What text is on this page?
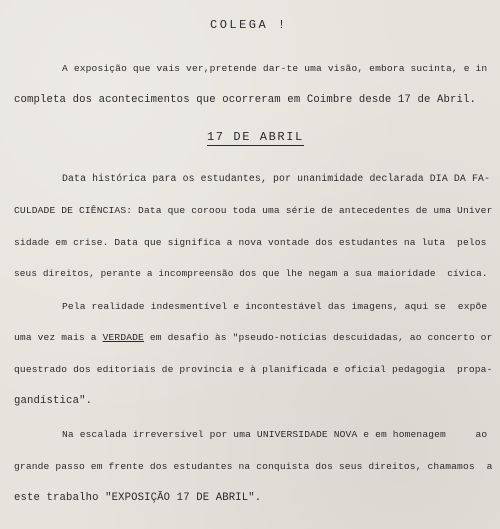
COLEGA !
A exposição que vais ver,pretende dar-te uma visão, embora sucinta, e in
completa dos acontecimentos que ocorreram em Coimbre desde 17 de Abril.
17 DE ABRIL
Data histórica para os estudantes, por unanimidade declarada DIA DA FA-
CULDADE DE CIÊNCIAS: Data que coroou toda uma série de antecedentes de uma Univer
sidade em crise. Data que significa a nova vontade dos estudantes na luta  pelos
seus direitos, perante a incompreensão dos que lhe negam a sua maioridade  cívica.
Pela realidade indesmentível e incontestável das imagens, aqui se  expõe
uma vez mais a VERDADE em desafio às "pseudo-notícias descuidadas, ao concerto or
questrado dos editoriais de província e à planificada e oficial pedagogia  propa-
gandística".
Na escalada irreversível por uma UNIVERSIDADE NOVA e em homenagem     ao
grande passo em frente dos estudantes na conquista dos seus direitos, chamamos  a
este trabalho "EXPOSIÇÃO 17 DE ABRIL".
